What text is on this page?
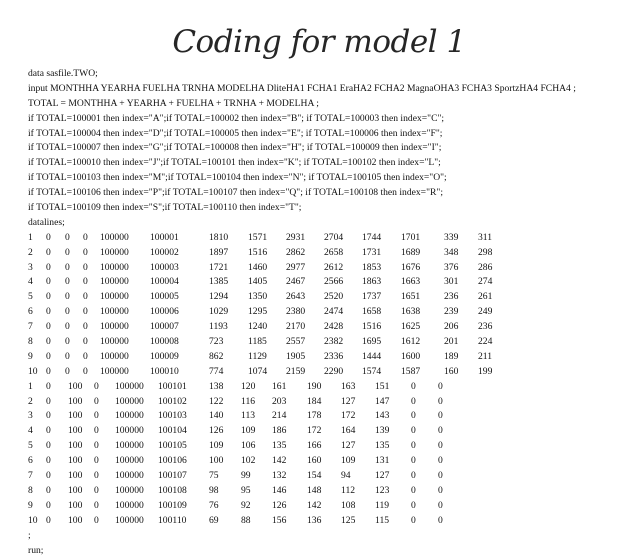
Coding for model 1
data sasfile.TWO;
input MONTHHA YEARHA FUELHA TRNHA MODELHA DliteHA1 FCHA1 EraHA2 FCHA2 MagnaOHA3 FCHA3 SportzHA4 FCHA4 ;
TOTAL = MONTHHA + YEARHA + FUELHA + TRNHA + MODELHA ;
if TOTAL=100001 then index="A";if TOTAL=100002 then index="B"; if TOTAL=100003 then index="C";
if TOTAL=100004 then index="D";if TOTAL=100005 then index="E"; if TOTAL=100006 then index="F";
if TOTAL=100007 then index="G";if TOTAL=100008 then index="H"; if TOTAL=100009 then index="I";
if TOTAL=100010 then index="J";if TOTAL=100101 then index="K"; if TOTAL=100102 then index="L";
if TOTAL=100103 then index="M";if TOTAL=100104 then index="N"; if TOTAL=100105 then index="O";
if TOTAL=100106 then index="P";if TOTAL=100107 then index="Q"; if TOTAL=100108 then index="R";
if TOTAL=100109 then index="S";if TOTAL=100110 then index="T";
datalines;
1 0 0 0 100000 100001	1810 1571 2931 2704 1744 1701 339 311
2 0 0 0 100000 100002	1897 1516 2862 2658 1731 1689 348 298
3 0 0 0 100000 100003	1721 1460 2977 2612 1853 1676 376 286
4 0 0 0 100000 100004	1385 1405 2467 2566 1863 1663 301 274
5 0 0 0 100000 100005	1294 1350 2643 2520 1737 1651 236 261
6 0 0 0 100000 100006	1029 1295 2380 2474 1658 1638 239 249
7 0 0 0 100000 100007	1193 1240 2170 2428 1516 1625 206 236
8 0 0 0 100000 100008	723	1185 2557 2382 1695 1612 201 224
9 0 0 0 100000 100009	862	1129 1905 2336 1444 1600 189 211
10 0 0 0 100000 100010	774	1074 2159 2290 1574 1587 160 199
1 0 100 0 100000 100101 138 120 161 190 163 151 0 0
2 0 100 0 100000 100102 122 116 203 184 127 147 0 0
3 0 100 0 100000 100103 140 113 214 178 172 143 0 0
4 0 100 0 100000 100104 126 109 186 172 164 139 0 0
5 0 100 0 100000 100105 109 106 135 166 127 135 0 0
6 0 100 0 100000 100106 100 102 142 160 109 131 0 0
7 0 100 0 100000 100107 75 99 132 154 94	127 0 0
8 0 100 0 100000 100108 98 95 146 148 112 123 0 0
9 0 100 0 100000 100109 76 92 126 142 108 119 0 0
10 0 100 0 100000 100110 69 88 156 136 125 115 0 0
;
run;
